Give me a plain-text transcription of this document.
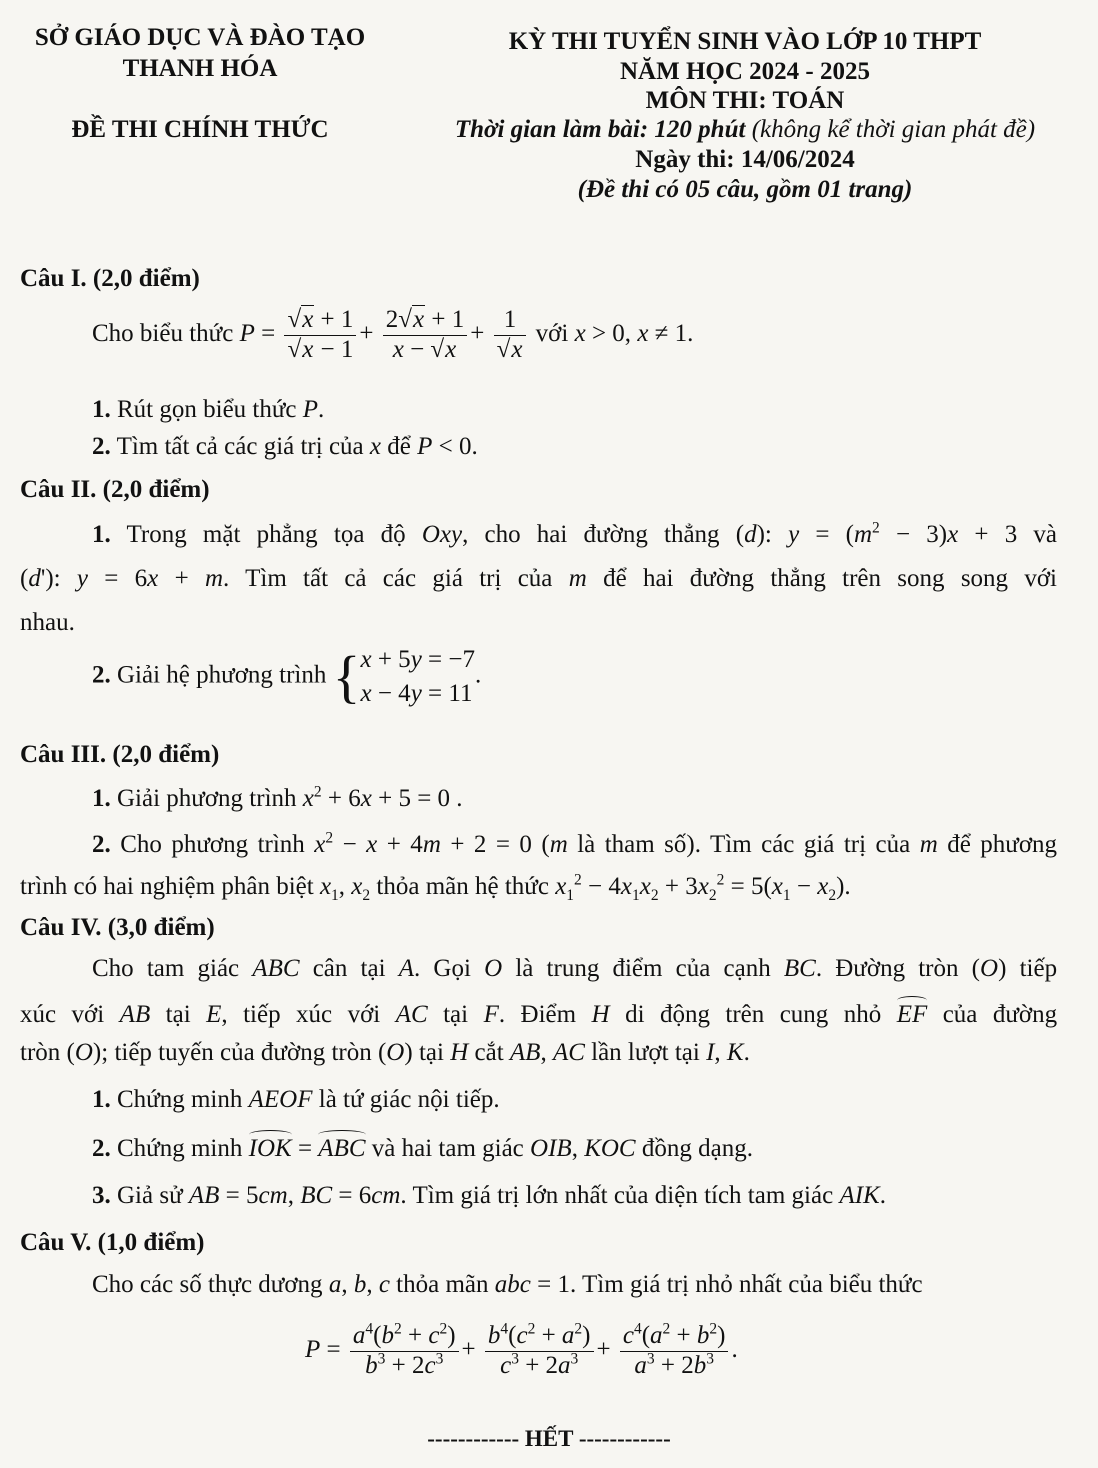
SỞ GIÁO DỤC VÀ ĐÀO TẠO
THANH HÓA
ĐỀ THI CHÍNH THỨC
KỲ THI TUYỂN SINH VÀO LỚP 10 THPT
NĂM HỌC 2024 - 2025
MÔN THI: TOÁN
Thời gian làm bài: 120 phút (không kể thời gian phát đề)
Ngày thi: 14/06/2024
(Đề thi có 05 câu, gồm 01 trang)
Câu I. (2,0 điểm)
Cho biểu thức $P = \frac{√x + 1}{√x - 1} + \frac{2√x + 1}{x - √x} + \frac{1}{√x}$ với x > 0, x ≠ 1.
1. Rút gọn biểu thức P.
2. Tìm tất cả các giá trị của x để P < 0.
Câu II. (2,0 điểm)
1. Trong mặt phẳng tọa độ Oxy, cho hai đường thẳng (d): $y = (m^2 - 3)x + 3$ và
(d'): y = 6x + m. Tìm tất cả các giá trị của m để hai đường thẳng trên song song với
nhau.
2. Giải hệ phương trình {x + 5y = −7
x − 4y = 11.
Câu III. (2,0 điểm)
1. Giải phương trình $x^2 + 6x + 5 = 0$ .
2. Cho phương trình $x^2 - x + 4m + 2 = 0$ (m là tham số). Tìm các giá trị của m để phương
trình có hai nghiệm phân biệt $x_1$, $x_2$ thỏa mãn hệ thức $x_1^2 - 4x_1x_2 + 3x_2^2 = 5(x_1 - x_2)$.
Câu IV. (3,0 điểm)
Cho tam giác ABC cân tại A. Gọi O là trung điểm của cạnh BC. Đường tròn (O) tiếp
xúc với AB tại E, tiếp xúc với AC tại F. Điểm H di động trên cung nhỏ EF của đường
tròn (O); tiếp tuyến của đường tròn (O) tại H cắt AB, AC lần lượt tại I, K.
1. Chứng minh AEOF là tứ giác nội tiếp.
2. Chứng minh IOK = ABC và hai tam giác OIB, KOC đồng dạng.
3. Giả sử AB = 5cm, BC = 6cm. Tìm giá trị lớn nhất của diện tích tam giác AIK.
Câu V. (1,0 điểm)
Cho các số thực dương a, b, c thỏa mãn abc = 1. Tìm giá trị nhỏ nhất của biểu thức
$P = \frac{a^4(b^2 + c^2)}{b^3 + 2c^3} + \frac{b^4(c^2 + a^2)}{c^3 + 2a^3} + \frac{c^4(a^2 + b^2)}{a^3 + 2b^3}$ .
------------ HẾT ------------
